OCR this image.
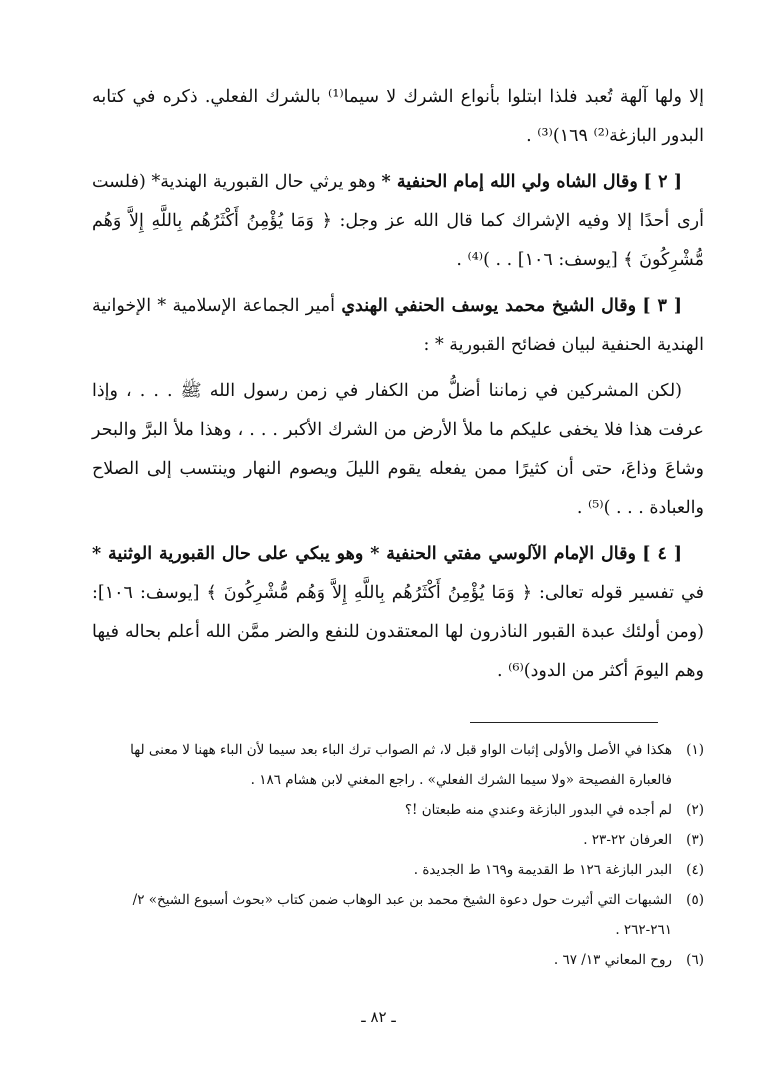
إلا ولها آلهة تُعبد فلذا ابتلوا بأنواع الشرك لا سيما⁽¹⁾ بالشرك الفعلي. ذكره في كتابه البدور البازغة⁽²⁾ ١٦٩)⁽³⁾ .

[ ٢ ] وقال الشاه ولي الله إمام الحنفية * وهو يرثي حال القبورية الهندية* (فلست أرى أحدًا إلا وفيه الإشراك كما قال الله عز وجل: ﴿ وَمَا يُؤْمِنُ أَكْثَرُهُم بِاللَّهِ إِلاَّ وَهُم مُّشْرِكُونَ ﴾ [يوسف: ١٠٦] . . )⁽⁴⁾ .

[ ٣ ] وقال الشيخ محمد يوسف الحنفي الهندي أمير الجماعة الإسلامية * الإخوانية الهندية الحنفية لبيان فضائح القبورية * :

(لكن المشركين في زماننا أضلُّ من الكفار في زمن رسول الله ﷺ . . . ، وإذا عرفت هذا فلا يخفى عليكم ما ملأ الأرض من الشرك الأكبر . . . ، وهذا ملأ البرَّ والبحر وشاعَ وذاعَ، حتى أن كثيرًا ممن يفعله يقوم الليلَ ويصوم النهار وينتسب إلى الصلاح والعبادة . . . )⁽⁵⁾ .

[ ٤ ] وقال الإمام الآلوسي مفتي الحنفية * وهو يبكي على حال القبورية الوثنية * في تفسير قوله تعالى: ﴿ وَمَا يُؤْمِنُ أَكْثَرُهُم بِاللَّهِ إِلاَّ وَهُم مُّشْرِكُونَ ﴾ [يوسف: ١٠٦]: (ومن أولئك عبدة القبور الناذرون لها المعتقدون للنفع والضر ممَّن الله أعلم بحاله فيها وهم اليومَ أكثر من الدود)⁽⁶⁾ .

(١)
هكذا في الأصل والأولى إثبات الواو قبل لا، ثم الصواب ترك الباء بعد سيما لأن الباء ههنا لا معنى لها فالعبارة الفصيحة «ولا سيما الشرك الفعلي» . راجع المغني لابن هشام ١٨٦ .
(٢)
لم أجده في البدور البازغة وعندي منه طبعتان !؟
(٣)
العرفان ٢٢-٢٣ .
(٤)
البدر البازغة ١٢٦ ط القديمة و١٦٩ ط الجديدة .
(٥)
الشبهات التي أثيرت حول دعوة الشيخ محمد بن عبد الوهاب ضمن كتاب «بحوث أسبوع الشيخ» ٢/ ٢٦١-٢٦٢ .
(٦)
روح المعاني ١٣/ ٦٧ .
ـ ٨٢ ـ
